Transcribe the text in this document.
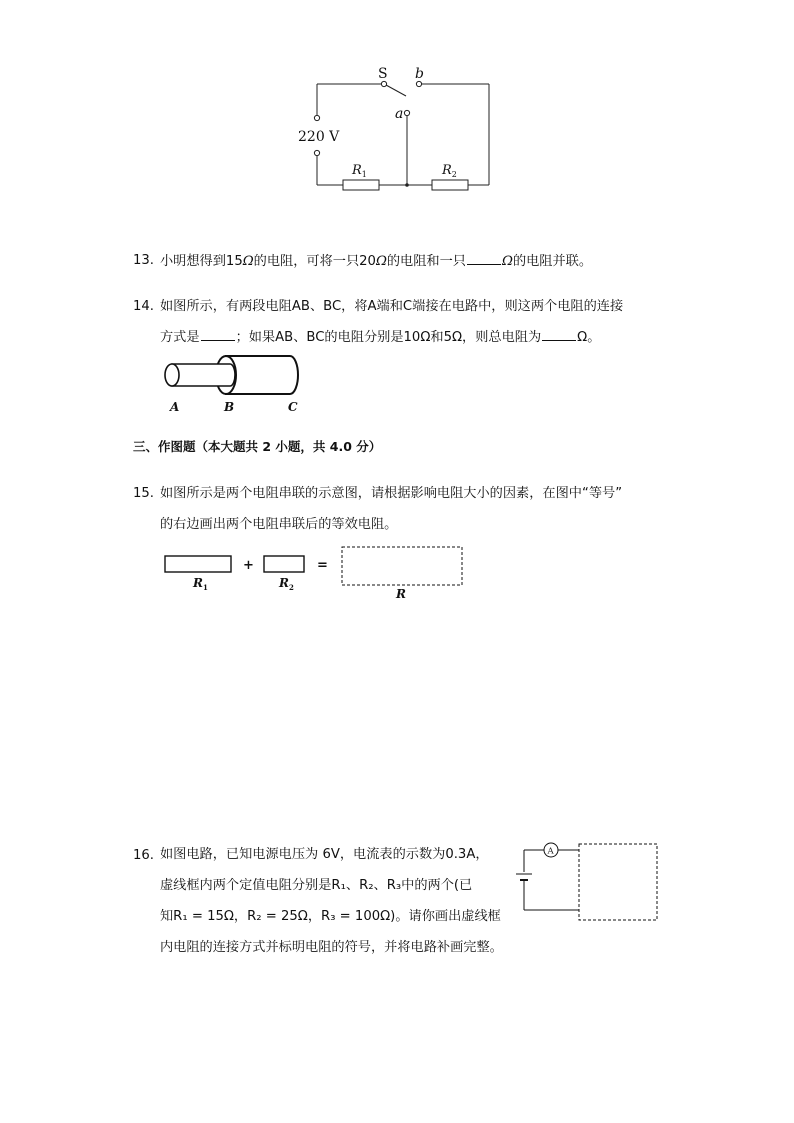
S b
a
220 V
$R_1$	$R_2$
13. 小明想得到15Ω的电阻，可将一只20Ω的电阻和一只	Ω的电阻并联。
14. 如图所示，有两段电阻AB、BC，将A端和C端接在电路中，则这两个电阻的连接
方式是	；如果AB、BC的电阻分别是10Ω和5Ω，则总电阻为	Ω。
A	B	C
三、作图题（本大题共 2 小题，共 4.0 分）
15. 如图所示是两个电阻串联的示意图，请根据影响电阻大小的因素，在图中“等号”
的右边画出两个电阻串联后的等效电阻。
+	=
$R_1$	$R_2$	R
16. 如图电路，已知电源电压为 6V，电流表的示数为0.3A，
虚线框内两个定值电阻分别是R₁、R₂、R₃中的两个(已
知R₁ = 15Ω，R₂ = 25Ω，R₃ = 100Ω)。请你画出虚线框
内电阻的连接方式并标明电阻的符号，并将电路补画完整。
A
